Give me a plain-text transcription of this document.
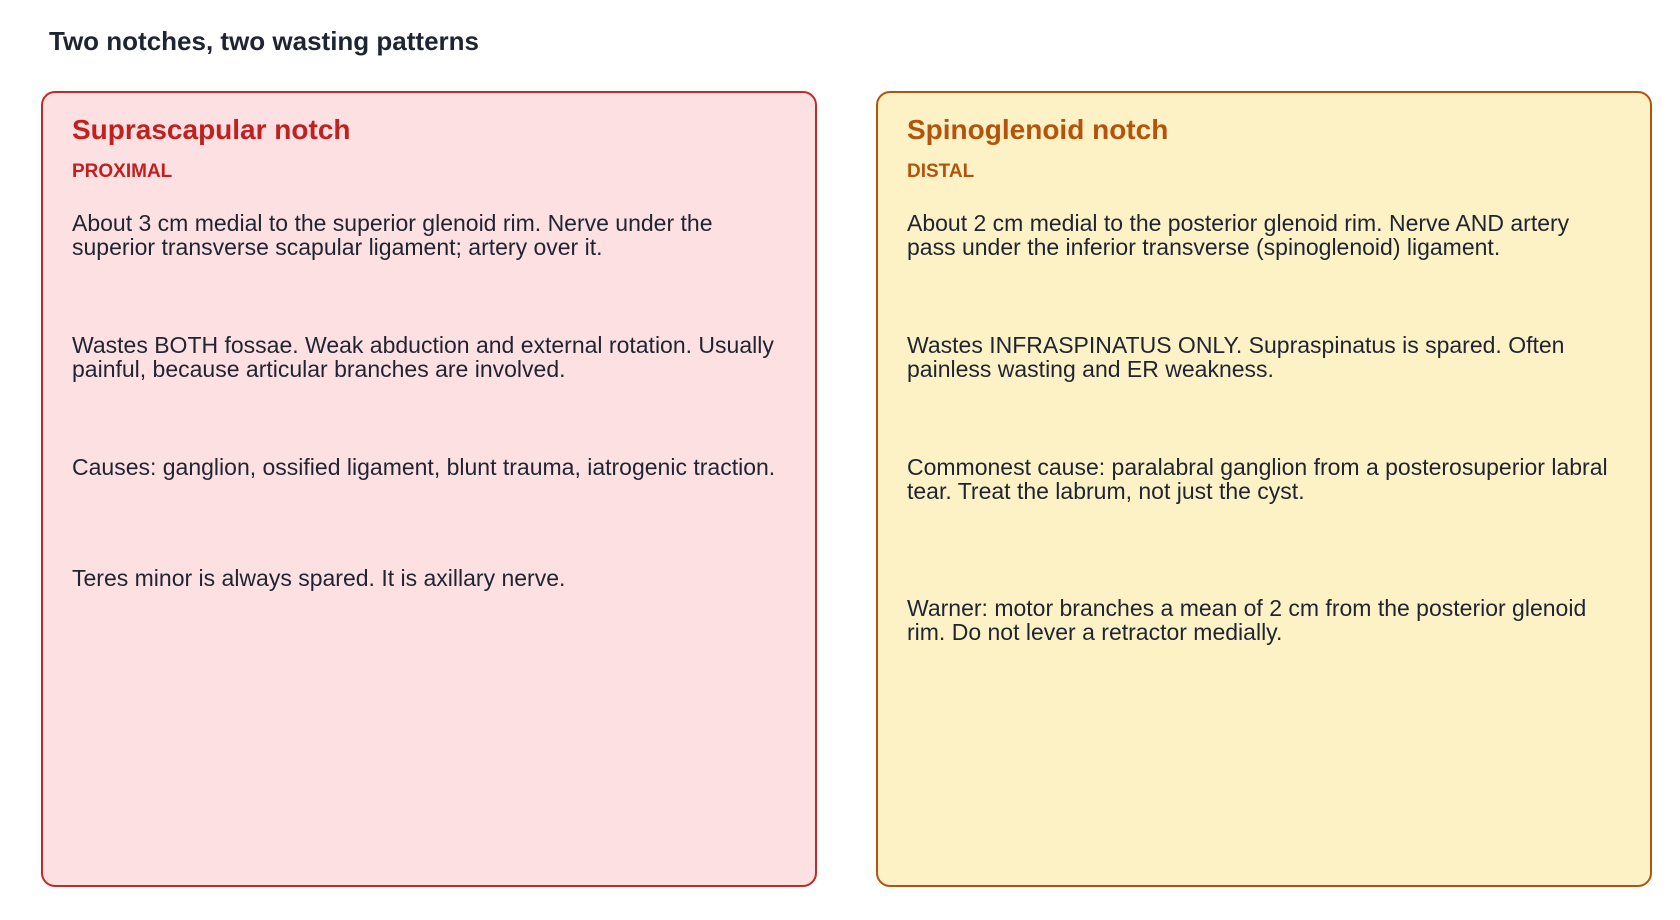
Two notches, two wasting patterns
Suprascapular notch
PROXIMAL

About 3 cm medial to the superior glenoid rim. Nerve under the superior transverse scapular ligament; artery over it.

Wastes BOTH fossae. Weak abduction and external rotation. Usually painful, because articular branches are involved.

Causes: ganglion, ossified ligament, blunt trauma, iatrogenic traction.

Teres minor is always spared. It is axillary nerve.

Spinoglenoid notch
DISTAL

About 2 cm medial to the posterior glenoid rim. Nerve AND artery pass under the inferior transverse (spinoglenoid) ligament.

Wastes INFRASPINATUS ONLY. Supraspinatus is spared. Often painless wasting and ER weakness.

Commonest cause: paralabral ganglion from a posterosuperior labral tear. Treat the labrum, not just the cyst.

Warner: motor branches a mean of 2 cm from the posterior glenoid rim. Do not lever a retractor medially.
